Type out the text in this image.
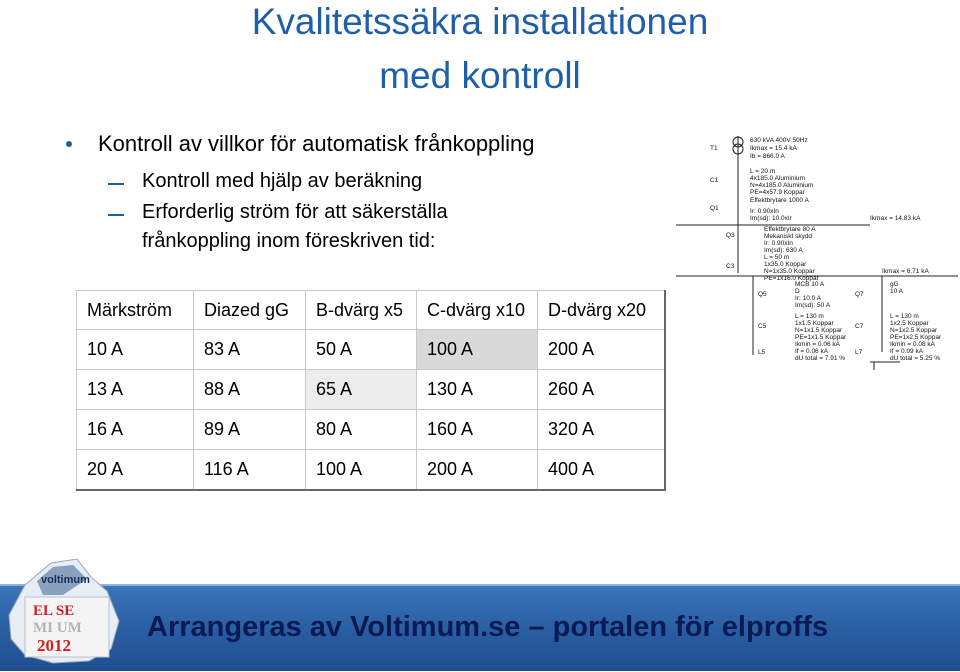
Kvalitetssäkra installationen
med kontroll
Kontroll av villkor för automatisk frånkoppling
Kontroll med hjälp av beräkning
Erforderlig ström för att säkerställa
frånkoppling inom föreskriven tid:
Märkström	Diazed gG	B-dvärg x5	C-dvärg x10	D-dvärg x20
10 A	83 A	50 A	100 A	200 A
13 A	88 A	65 A	130 A	260 A
16 A	89 A	80 A	160 A	320 A
20 A	116 A	100 A	200 A	400 A
T1
630 kVA 400V 50Hz
Ikmax = 15.4 kA
Ib = 866.0 A
C1
L = 20 m
4x185.0 Aluminium
N=4x185.0 Aluminium
PE=4x57.9 Koppar
Q1
Effektbrytare 1000 A
Ir: 0.90xIn
Im(sd): 10.0xIr	Ikmax = 14.83 kA
Q3
Effektbrytare 80 A
Mekaniskt skydd
Ir: 0.90xIn
Im(sd): 630 A
C3
L = 50 m
1x35.0 Koppar
N=1x35.0 Koppar
PE=1x16.0 Koppar
Ikmax = 6.71 kA
Q5
MCB 10 A
D
Ir: 10.0 A
Im(sd): 50 A
Q7
gG
10 A
C5
L = 130 m
1x1.5 Koppar
N=1x1.5 Koppar
PE=1x1.5 Koppar
C7
L = 130 m
1x2.5 Koppar
N=1x2.5 Koppar
PE=1x2.5 Koppar
L5
Ikmin = 0.06 kA
If = 0.06 kA
dU total = 7.91 %
L7
Ikmin = 0.08 kA
If = 0.09 kA
dU total = 5.25 %
Arrangeras av Voltimum.se – portalen för elproffs
voltimum
EL SE
MI UM
2012
